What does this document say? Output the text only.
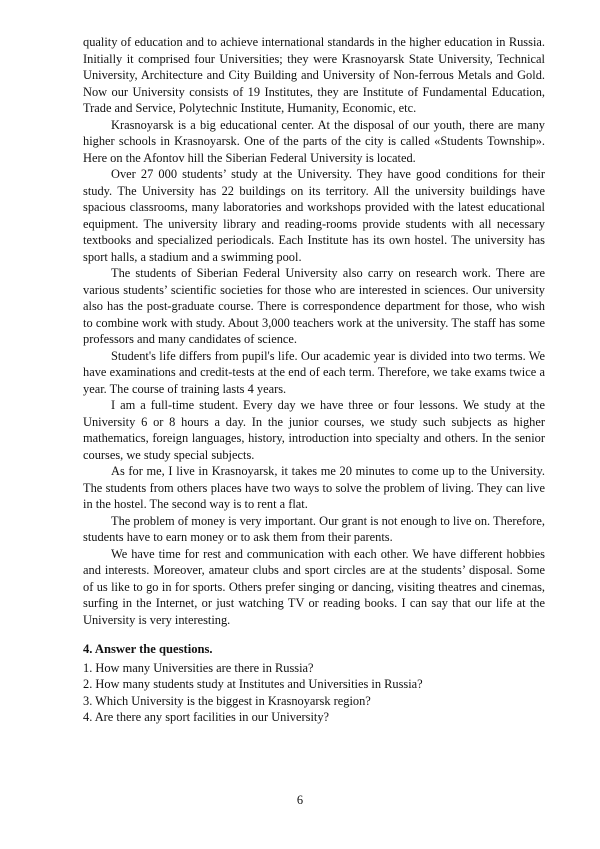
quality of education and to achieve international standards in the higher education in Russia. Initially it comprised four Universities; they were Krasnoyarsk State University, Technical University, Architecture and City Building and University of Non-ferrous Metals and Gold. Now our University consists of 19 Institutes, they are Institute of Fundamental Education, Trade and Service, Polytechnic Institute, Humanity, Economic, etc.

Krasnoyarsk is a big educational center. At the disposal of our youth, there are many higher schools in Krasnoyarsk. One of the parts of the city is called «Students Township». Here on the Afontov hill the Siberian Federal University is located.

Over 27 000 students’ study at the University. They have good conditions for their study. The University has 22 buildings on its territory. All the university buildings have spacious classrooms, many laboratories and workshops provided with the latest educational equipment. The university library and reading-rooms provide students with all necessary textbooks and specialized periodicals. Each Institute has its own hostel. The university has sport halls, a stadium and a swimming pool.

The students of Siberian Federal University also carry on research work. There are various students’ scientific societies for those who are interested in sciences. Our university also has the post-graduate course. There is correspondence department for those, who wish to combine work with study. About 3,000 teachers work at the university. The staff has some professors and many candidates of science.

Student's life differs from pupil's life. Our academic year is divided into two terms. We have examinations and credit-tests at the end of each term. Therefore, we take exams twice a year. The course of training lasts 4 years.

I am a full-time student. Every day we have three or four lessons. We study at the University 6 or 8 hours a day. In the junior courses, we study such subjects as higher mathematics, foreign languages, history, introduction into specialty and others. In the senior courses, we study special subjects.

As for me, I live in Krasnoyarsk, it takes me 20 minutes to come up to the University. The students from others places have two ways to solve the problem of living. They can live in the hostel. The second way is to rent a flat.

The problem of money is very important. Our grant is not enough to live on. Therefore, students have to earn money or to ask them from their parents.

We have time for rest and communication with each other. We have different hobbies and interests. Moreover, amateur clubs and sport circles are at the students’ disposal. Some of us like to go in for sports. Others prefer singing or dancing, visiting theatres and cinemas, surfing in the Internet, or just watching TV or reading books. I can say that our life at the University is very interesting.

4. Answer the questions.
1. How many Universities are there in Russia?
2. How many students study at Institutes and Universities in Russia?
3. Which University is the biggest in Krasnoyarsk region?
4. Are there any sport facilities in our University?
6
